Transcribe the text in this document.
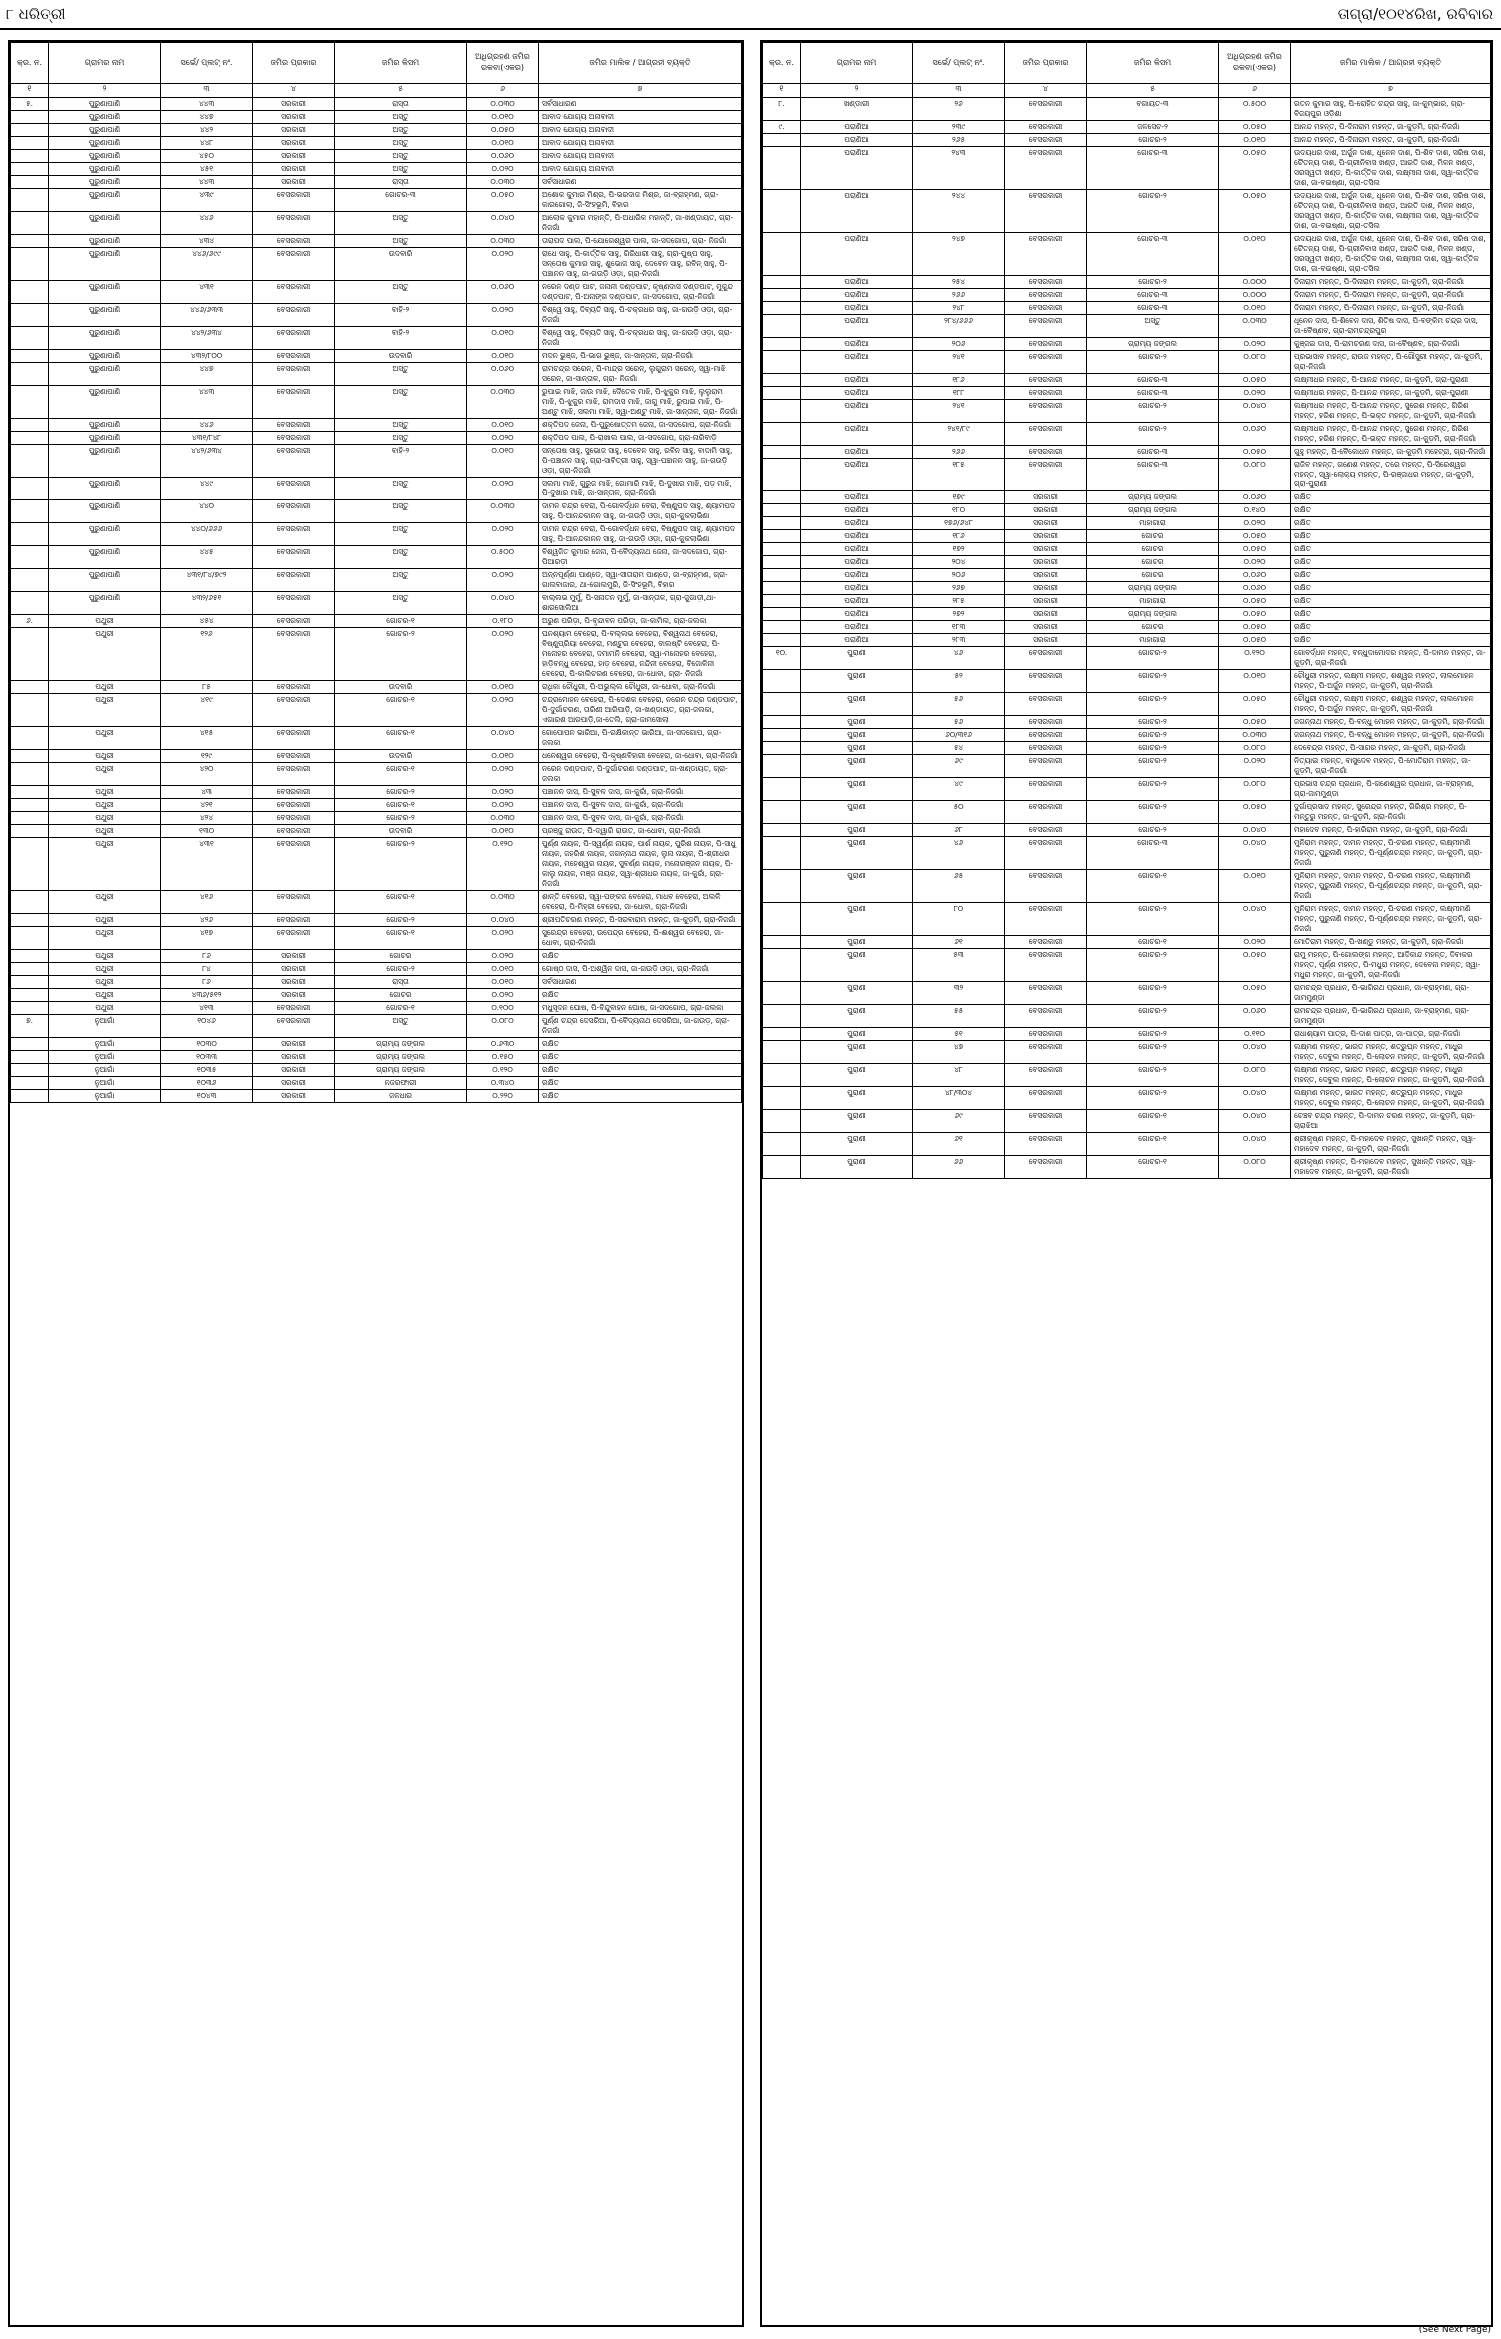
୮ ଧରିତ୍ରୀ	ତାଗ୍ରା/୧୦୧୪ରିଖ, ରବିବାର
କ୍ର. ନ.	ଗ୍ରାମର ନାମ	ସର୍ଭେ/ ପ୍ଲଟ୍ ନଂ.	ଜମିର ପ୍ରକାର	ଜମିର କିସମ	ଅଧିଗ୍ରହଣ ଜମିର ରକବା(ଏକର)	ଜମିର ମାଲିକ / ଆଗ୍ରହୀ ବ୍ୟକ୍ତି
୧	୨	୩	୪	୫	୬	୭
୫.	ପୁରୁଣାପାଣି	୪୪୩	ସରକାରୀ	ରାସ୍ତା	୦.୦୩୦	ସର୍ବସାଧାରଣ
	ପୁରୁଣାପାଣି	୪୪୭	ସରକାରୀ	ଅସ୍ତୁ	୦.୦୧୦	ଆବାଦ ଯୋଗ୍ୟ ଅନାବାଦୀ
	ପୁରୁଣାପାଣି	୪୪୨	ସରକାରୀ	ଅସ୍ତୁ	୦.୦୫୦	ଆବାଦ ଯୋଗ୍ୟ ଅନାବାଦୀ
	ପୁରୁଣାପାଣି	୪୪୮	ସରକାରୀ	ଅସ୍ତୁ	୦.୦୧୦	ଆବାଦ ଯୋଗ୍ୟ ଅନାବାଦୀ
	ପୁରୁଣାପାଣି	୪୫୦	ସରକାରୀ	ଅସ୍ତୁ	୦.୦୬୦	ଆବାଦ ଯୋଗ୍ୟ ଅନାବାଦୀ
	ପୁରୁଣାପାଣି	୪୫୧	ସରକାରୀ	ଅସ୍ତୁ	୦.୦୨୦	ଆବାଦ ଯୋଗ୍ୟ ଅନାବାଦୀ
	ପୁରୁଣାପାଣି	୪୪୩	ସରକାରୀ	ରାସ୍ତା	୦.୦୩୦	ସର୍ବସାଧାରଣ
	ପୁରୁଣାପାଣି	୪୩୯	ବେସରକାରୀ	ଗୋଚର-୩	୦.୦୫୦	ଅଶୋକ କୁମାର ମିଶ୍ର, ପି-ଭରଦାଜ ମିଶ୍ର, ଜା-ବ୍ରାହ୍ମଣ, ଗ୍ରା-କାରଗୋଲା, ଜି-ସିଂହଭୂମି, ବିହାର
	ପୁରୁଣାପାଣି	୪୪୬	ବେସରକାରୀ	ଅସ୍ତୁ	୦.୦୪୦	ଆଲୋକ କୁମାର ମହାନ୍ତି, ପି-ଅଧାରିକ ମହାନ୍ତି, ଜା-ଖଣ୍ଡାୟତ, ଗ୍ରା-ନିଜଗାଁ
	ପୁରୁଣାପାଣି	୪୩୪	ବେସରକାରୀ	ଅସ୍ତୁ	୦.୦୩୦	ତାରାପଦ ପାଲ, ପି-ଯୋଗେଶ୍ୱର ପାଲ, ଜା-ସଦଗୋପ, ଗ୍ରା- ନିଜଗାଁ
	ପୁରୁଣାପାଣି	୪୪୬/୬୯୯	ବେସରକାରୀ	ଉଦବାରି	୦.୦୨୦	ରାଧେ ସାହୁ, ପି-କାର୍ତ୍ତିକ ସାହୁ, ଗିରିଧାରୀ ସାହୁ, ଗ୍ରା-ପୁଷ୍ପ ସାହୁ, ସନ୍ତୋଷ କୁମାର ସାହୁ, ଶୁଭୋଜ ସାହୁ, ଦେବେନ ସାହୁ, ରବିନ୍ ସାହୁ, ପି-ପଞ୍ଚାନନ ସାହୁ, ଜା-ଗଉଡ଼ି ଓଡ଼ା, ଗ୍ରା-ନିଜଗାଁ
	ପୁରୁଣାପାଣି	୪୩୧	ବେସରକାରୀ	ଅସ୍ତୁ	୦.୦୬୦	ନରେନ ଦଣ୍ଡ ପାଟ, ଜନାନୀ ଦଣ୍ଡପାଟ, କୃଷ୍ଣଦାସ ଦଣ୍ଡପାଟ, ମୁକୁନ୍ଦ ଦଣ୍ଡପାଟ, ପି-ଅନାଙ୍ଗ ଦଣ୍ଡପାଟ, ଜା-ସଦଗୋପ, ଗ୍ରା-ନିଜଗାଁ
	ପୁରୁଣାପାଣି	୪୪୬/୬୩୩	ବେସରକାରୀ	ବାହି-୨	୦.୦୨୦	ବିଶ୍ୱେ ସାହୁ, ଦିବ୍ୟତି ସାହୁ, ପି-ଚକ୍ରଧର ସାହୁ, ଜା-ଗଉଡ଼ି ଓଡ଼ା, ଗ୍ରା-ନିଜଗାଁ
	ପୁରୁଣାପାଣି	୪୪୨/୬୩୪	ବେସରକାରୀ	ବାହି-୨	୦.୦୧୦	ବିଶ୍ୱେ ସାହୁ, ଦିବ୍ୟତି ସାହୁ, ପି-ଚକ୍ରଧର ସାହୁ, ଜା-ଗଉଡ଼ି ଓଡ଼ା, ଗ୍ରା-ନିଜଗାଁ
	ପୁରୁଣାପାଣି	୪୩୨/୮୦୦	ବେସରକାରୀ	ଉଦବାରି	୦.୦୧୦	ମଦନ ଭୁଞ୍ଜ, ପି-ଭାଗ ଭୁଞ୍ଜ, ଜା-ସାନ୍ତାଳ, ଗ୍ରା-ନିଜଗାଁ
	ପୁରୁଣାପାଣି	୪୪୭	ବେସରକାରୀ	ଅସ୍ତୁ	୦.୦୬୦	ରାମଚନ୍ଦ୍ର ସରେନ, ପି-ମାନ୍ଦ୍ର ସରେନ୍, ଲୁଗୁରାମ ସରେନ୍, ସ୍ୱା-ମାଝି ସରେନ, ଜା-ସାନ୍ତାଳ, ଗ୍ରା- ନିଜଗାଁ
	ପୁରୁଣାପାଣି	୪୪୩	ବେସରକାରୀ	ଅସ୍ତୁ	୦.୦୩୦	ରୁପାଇ ମାଝି, ଜାଉ ମାଝି, ଦୈତେକ ମାଝି, ପି-ଝୁକୁର ମାଝି, ଲୁଲୁରାମ ମାଝି, ପି-ଝୁକୁର ମାଝି, ରାମଦାସ ମାଝି, ଜାଗୁ ମାଝି, ରୁପାଇ ମାଝି, ପି-ଅଣ୍ଟୁ ମାଝି, ସଲମା ମାଝି, ସ୍ୱା-ଅଣ୍ଟୁ ମାଝି, ଜା-ସାନ୍ତାଳ, ଗ୍ରା- ନିଜଗାଁ
	ପୁରୁଣାପାଣି	୪୪୬	ବେସରକାରୀ	ଅସ୍ତୁ	୦.୦୧୦	ଶକ୍ତିପଦ ଜେନା, ପି-ପୁରୁଷୋତ୍ତମ ଜେନା, ଜା-ସଦଗୋପ, ଗ୍ରା-ନିଜଗାଁ
	ପୁରୁଣାପାଣି	୪୩୧/୮୪୮	ବେସରକାରୀ	ଅସ୍ତୁ	୦.୦୨୦	ଶକ୍ତିପଦ ପାଲ, ପି-ରାଖାଲ ପାଲ, ଜା-ସଦଗୋପ, ଗ୍ରା-ନାରିବାଡ଼ି
	ପୁରୁଣାପାଣି	୪୪୨/୬୩୪	ବେସରକାରୀ	ବାହି-୨	୦.୦୧୦	ସନ୍ତୋଷ ସାହୁ, ସୁଭୋଜ ସାହୁ, ଦେବେନ ସାହୁ, ରବିନ ସାହୁ, ବାଦାମି ସାହୁ, ପି-ପଞ୍ଚାନନ ସାହୁ, ଗ୍ରା-ସାବିତ୍ରୀ ସାହୁ, ସ୍ୱା-ପଞ୍ଚାନନ ସାହୁ, ଜା-ଗଉଡ଼ି ଓଡ଼ା, ଗ୍ରା-ନିଜଗାଁ
	ପୁରୁଣାପାଣି	୪୪୯	ବେସରକାରୀ	ଅସ୍ତୁ	୦.୦୨୦	ସଲମା ମାଝି, ଗୁରୁଜ ମାଝି, ଗୋମାରି ମାଝି, ପି-ଦୁଖାର ମାଝି, ପଡ଼ ମାଝି, ପି-ଦୁଖାର ମାଝି, ଜା-ସାନ୍ତାଳ, ଗ୍ରା-ନିଜଗାଁ
	ପୁରୁଣାପାଣି	୪୪୦	ବେସରକାରୀ	ଅସ୍ତୁ	୦.୦୩୦	ଦାମନ ଚନ୍ଦ୍ର ବେରା, ପି-ଗୋବର୍ଦ୍ଧନ ବେରା, ବିଷ୍ଣୁପଦ ସାହୁ, ଶ୍ୟାମପଦ ସାହୁ, ପି-ଆନନ୍ଦକାନନ ସାହୁ, ଜା-ଗଉଡ଼ି ଓଡ଼ା, ଗ୍ରା-କୁକଲାଭିଣା
	ପୁରୁଣାପାଣି	୪୪୦/୬୬୬	ବେସରକାରୀ	ଅସ୍ତୁ	୦.୦୨୦	ଦାମନ ଚନ୍ଦ୍ର ବେରା, ପି-ଗୋବର୍ଦ୍ଧନ ବେରା, ବିଷ୍ଣୁପଦ ସାହୁ, ଶ୍ୟାମପଦ ସାହୁ, ପି-ଆନନ୍ଦକାନନ ସାହୁ, ଜା-ଗଉଡ଼ି ଓଡ଼ା, ଗ୍ରା-କୁକଲାଭିଣା
	ପୁରୁଣାପାଣି	୪୪୫	ବେସରକାରୀ	ଅସ୍ତୁ	୦.୫୦୦	ବିଶ୍ୱଜିତ କୁମାର ଜେନା, ପି-ବୈଦ୍ୟନାଥ ଜେନା, ଜା-ସଦଗୋପ, ଗ୍ରା-ପିଆରଡ଼ୀ
	ପୁରୁଣାପାଣି	୪୩୧/୮୪/୭୯୨	ବେସରକାରୀ	ଅସ୍ତୁ	୦.୦୨୦	ଅନ୍ନପୂର୍ଣ୍ଣା ପାଣ୍ଡେ, ସ୍ୱା-ସୀତାରାମ ପାଣ୍ଡେ, ଜା-ବ୍ରାହ୍ମଣ, ଗ୍ରା-ଗାଲବାଜାର, ଥା-ଗୋଲମୁରି, ଜି-ସିଂହଭୂମି, ବିହାର
	ପୁରୁଣାପାଣି	୪୩୨/୬୫୧	ବେସରକାରୀ	ଅସ୍ତୁ	୦.୦୪୦	ବାଲ୍ଲଭ ମୁର୍ମୁ, ପି-ସନାତନ ମୁର୍ମୁ, ଜା-ସାନ୍ତାଳ, ଗ୍ରା-ଜୁଗାଡ଼ୀ,ଥା-ଶାରସୋଲିଆ
୬.	ପଥୁରୀ	୪୫୪	ବେସରକାରୀ	ଗୋଚର-୧	୦.୧୮୦	ଅରୁଣ ପରିଡ଼ା, ପି-ବୃନ୍ଦାବନ ପରିଡ଼ା, ଜା-କାମିଲ, ଗ୍ରା-ଜଲକା
	ପଥୁରୀ	୧୨୬	ବେସରକାରୀ	ଗୋଚର-୨	୦.୦୨୦	ଘନଶ୍ୟାମ ବେହେରା, ପି-ବଲ୍ଲଭ ବେହେରା, ବିଶ୍ୱନାଥ ବେହେରା, ବିଷ୍ଣୁପ୍ରିୟା ବେହେରା, ମଣ୍ଟୁର ବେହେରା, ବାଲଷ୍ଟି ବେହେରା, ପି-ମନୋହର ବେହେରା, ଦମାମନି ବେହେରା, ସ୍ୱା-ମନୋହର ବେହେରା, ହାଡ଼ିବନ୍ଧୁ ବେହେରା, ହାଡ଼ ବେହେରା, ନନ୍ଦିନୀ ବେହେରା, ବିଜୋଳିନୀ ବେହେରା, ପି-କାଲିଚରଣ ବେହେରା, ଜା-ଧୋବା, ଗ୍ରା- ନିଜଗାଁ
	ପଥୁରୀ	୮୫	ବେସରକାରୀ	ଉଦବାରି	୦.୦୧୦	ରାଧିକା ଚୌଧୁରୀ, ପି-ଅଭୁଲ୍ଲ ଚୌଧୁରୀ, ଜା-ଧୋବା, ଗ୍ରା-ନିଜଗାଁ
	ପଥୁରୀ	୪୧୯	ବେସରକାରୀ	ଗୋଚର-୧	୦.୦୨୦	ଚନ୍ଦ୍ରମୋହନ ବେହେରା, ପି-ଦେଶକ ବେହେରା, ନରେନ ଚନ୍ଦ୍ର ଦଣ୍ଡପାଟ, ପି-ଦୁର୍ଗାଚରଣ, ତାରିଣୀ ଆରିପାଡ଼ି, ଜା-ଖଣ୍ଡାୟତ, ଗ୍ରା-ଜଲକା, ଏଗାରଶ ଆରପାଡ଼ି,ଜା-ତେଲି, ଗ୍ରା-ଜାମସୋଲା
	ପଥୁରୀ	୪୧୫	ବେସରକାରୀ	ଗୋଚର-୧	୦.୦୪୦	ଗୋପୋପନ ଭାରିଆ, ପି-ରକ୍ଷିକାନ୍ତ ଭାରିଆ, ଜା-ସଦଗୋପ, ଗ୍ରା-ଜଲକା
	ପଥୁରୀ	୧୨୯	ବେସରକାରୀ	ଉଦବାରି	୦.୦୧୦	ଧନେଶ୍ୱର ବେହେରା, ପି-କୃଷ୍ଣବିହାରୀ ବେହେରା, ଜା-ଧୋବା, ଗ୍ରା-ନିଜଗାଁ
	ପଥୁରୀ	୪୨୦	ବେସରକାରୀ	ଗୋଚର-୧	୦.୦୨୦	ନରେନ ଦଣ୍ଡପାଟ, ପି-ଦୁର୍ଗାଚରଣ ଦଣ୍ଡପାଟ, ଜା-ଖଣ୍ଡାୟତ, ଗ୍ରା-ଜଲକା
	ପଥୁରୀ	୪୩	ବେସରକାରୀ	ଗୋଚର-୨	୦.୦୨୦	ପଞ୍ଚାନନ ଦାସ, ପି-ସୁବଳ ଦାସ, ଜା-କୁରାଁ, ଗ୍ରା-ନିଜଗାଁ
	ପଥୁରୀ	୪୨୧	ବେସରକାରୀ	ଗୋଚର-୧	୦.୦୨୦	ପଞ୍ଚାନନ ଦାସ, ପି-ସୁବଳ ଦାସ, ଜା-କୁରାଁ, ଗ୍ରା-ନିଜଗାଁ
	ପଥୁରୀ	୪୨୪	ବେସରକାରୀ	ଗୋଚର-୨	୦.୦୩୦	ପଞ୍ଚାନନ ଦାସ, ପି-ସୁବଳ ଦାସ, ଜା-କୁରାଁ, ଗ୍ରା-ନିଜଗାଁ
	ପଥୁରୀ	୧୩୦	ବେସରକାରୀ	ଉଦବାରି	୦.୦୧୦	ପ୍ରଞ୍ଜୁ ରାଉତ, ପି-ଦ୍ୱାରି ରାଉତ, ଜା-ଧୋବା, ଗ୍ରା-ନିଜଗାଁ
	ପଥୁରୀ	୪୩୧	ବେସରକାରୀ	ଗୋଚର-୨	୦.୧୨୦	ପୁର୍ଣ୍ଣ ନାୟକ, ପି-ସ୍ୱର୍ଣ୍ଣ ନାୟକ, ପାର୍ଶ ନାୟକ, ପୁରିଶ ନାୟକ, ପି-ସାଧୁ ନାୟକ, ଜହରିଶ ନାୟକ, ଜଗନ୍ନାଥ ନାୟକ, ଲୁନା ନାୟକ, ପି-ଶ୍ରୀଧର ନାୟକ, ମହେଶ୍ୱର ନାୟକ, ସୁବର୍ଣ୍ଣ ନାୟକ, ମନୋରଞ୍ଜନ ନାୟକ, ପି-କାଲୁ ନାୟକ, ମଞ୍ଜ ନାୟକ, ସ୍ୱା-ଶ୍ରୀଧର ନାୟକ, ଜା-କୁରାଁ, ଗ୍ରା-ନିଜଗାଁ
	ପଥୁରୀ	୪୧୬	ବେସରକାରୀ	ଗୋଚର-୧	୦.୦୩୦	ଶାନ୍ତି ବେହେରା, ସ୍ୱା-ପଙ୍କଜ ବେହେରା, ମାଧବ ବେହେରା, ଅଲଳି ବେହେରା, ପି-ମିହ୍ରୀ ବେହେରା, ଜା-ଧୋବା, ଗ୍ରା-ନିଜଗାଁ
	ପଥୁରୀ	୪୨୬	ବେସରକାରୀ	ଗୋଚର-୨	୦.୦୪୦	ଶ୍ରୀପତିଚରଣ ମହନ୍ତ, ପି-ସରବାରାମ ମହନ୍ତ, ଜା-କୁଡ଼ମି, ଗ୍ରା-ନିଜଗାଁ
	ପଥୁରୀ	୪୧୭	ବେସରକାରୀ	ଗୋଚର-୧	୦.୦୨୦	ସୁରେନ୍ଦ୍ର ବେହେରା, ଉପେନ୍ଦ୍ର ବେହେରା, ପି-ଈଶ୍ୱର ବେହେରା, ଜା-ଧୋବା, ଗ୍ରା-ନିଜଗାଁ
	ପଥୁରୀ	୮୬	ସରକାରୀ	ଗୋଚର	୦.୦୨୦	ରକ୍ଷିତ
	ପଥୁରୀ	୮୪	ସରକାରୀ	ଗୋଚର-୨	୦.୦୧୦	ଗୋଷ୍ଠ ଦାସ, ପି-ଅଶ୍ୱିନ ଦାସ, ଜା-ଗଉଡ଼ି ଓଡ଼ା, ଗ୍ରା-ନିଜଗାଁ
	ପଥୁରୀ	୮୬	ସରକାରୀ	ରାସ୍ତା	୦.୦୧୦	ସର୍ବସାଧାରଣ
	ପଥୁରୀ	୪୩୬/୫୧୨	ସରକାରୀ	ଗୋଚର	୦.୦୨୦	ରକ୍ଷିତ
	ପଥୁରୀ	୪୧୩	ବେସରକାରୀ	ଗୋଚର-୧	୦.୧୦୦	ମଧୁସୂଦନ ଘୋଷ, ପି-ବିନ୍ଦୁବାହନ ଘୋଷ, ଜା-ସଦଗୋପ, ଗ୍ରା-ଜଲକା
୭.	ନୁଆଗାଁ	୧୦୪୬	ବେସରକାରୀ	ଅସ୍ତୁ	୦.୦୮୦	ପୁର୍ଣ୍ଣ ଚନ୍ଦ୍ର ଦେସରିଆ, ପି-ବୈଦ୍ୟନାଥ ଦେସରିଆ, ଜା-ଗଉଡ଼, ଗ୍ରା-ନିଜଗାଁ
	ନୁଆଗାଁ	୧୦୩୦	ସରକାରୀ	ଗ୍ରାମ୍ୟ ଜଙ୍ଗଲ	୦.୬୩୦	ରକ୍ଷିତ
	ନୁଆଗାଁ	୧୦୩୩	ସରକାରୀ	ଗ୍ରାମ୍ୟ ଜଙ୍ଗଲ	୦.୧୫୦	ରକ୍ଷିତ
	ନୁଆଗାଁ	୧୦୩୫	ସରକାରୀ	ଗ୍ରାମ୍ୟ ଜଙ୍ଗଲ	୦.୧୨୦	ରକ୍ଷିତ
	ନୁଆଗାଁ	୧୦୩୬	ସରକାରୀ	ନଜରଫାରୀ	୦.୩୪୦	ରକ୍ଷିତ
	ନୁଆଗାଁ	୧୦୪୩	ସରକାରୀ	ଜଳଧାର	୦.୨୨୦	ରକ୍ଷିତ
କ୍ର. ନ.	ଗ୍ରାମର ନାମ	ସର୍ଭେ/ ପ୍ଲଟ୍ ନଂ.	ଜମିର ପ୍ରକାର	ଜମିର କିସମ	ଅଧିଗ୍ରହଣ ଜମିର ରକବା(ଏକର)	ଜମିର ମାଲିକ / ଆଗ୍ରହୀ ବ୍ୟକ୍ତି
୧	୨	୩	୪	୫	୬	୭
୮.	ଖଣ୍ଡାରୀ	୨୬	ବେସରକାରୀ	ବଗାୟତ-୩	୦.୫୦୦	ରତନ କୁମାର ସାହୁ, ପି-ରୋହିତ ଚନ୍ଦ୍ର ସାହୁ, ଜା-କୁମ୍ଭାର, ଗ୍ରା-ବିଜୟପୁର ଓଡ଼ିଶା
୯.	ପରାଣିଆ	୨୩୯	ବେସରକାରୀ	ଜଳସେଚ-୨	୦.୦୫୦	ଆନନ୍ଦ ମହନ୍ତ, ପି-ଦିନାରାମ ମହନ୍ତ, ଜା-କୁଡ଼ମି, ଗ୍ରା-ନିଜଗାଁ
	ପରାଣିଆ	୨୬୫	ବେସରକାରୀ	ଗୋଚର-୨	୦.୦୧୦	ଆନନ୍ଦ ମହନ୍ତ, ପି-ଦିନାରାମ ମହନ୍ତ, ଜା-କୁଡ଼ମି, ଗ୍ରା-ନିଜଗାଁ
	ପରାଣିଆ	୨୪୩	ବେସରକାରୀ	ଗୋଚର-୩	୦.୦୫୦	ଉଦୟଧର ଦାଶ, ଅର୍ଜୁନ ଦାଶ, ଧୂନେନ ଦାଶ, ପି-ଶିବ ଦାଶ, ସରିଷ ଦାଶ, ଚୈତନ୍ୟ ଦାଶ, ପି-ଗ୍ରୀନିବାସ ଖଣ୍ଡ, ଆରତି ଦାଶ, ମିଳନ ଖଣ୍ଡ, ସରସ୍ୱତୀ ଖଣ୍ଡ, ପି-କାର୍ତ୍ତିକ ଦାଶ, ଲକ୍ଷ୍ମୀନା ଦାଶ, ସ୍ୱା-କାର୍ତ୍ତିକ ଦାଶ, ଜା-ବଇଷ୍ଣା, ଗ୍ରା-ତସିଲ
	ପରାଣିଆ	୨୪୪	ବେସରକାରୀ	ଗୋଚର-୨	୦.୦୫୦	ଉଦୟଧର ଦାଶ, ଅର୍ଜୁନ ଦାଶ, ଧୂନେନ ଦାଶ, ପି-ଶିବ ଦାଶ, ସରିଷ ଦାଶ, ଚୈତନ୍ୟ ଦାଶ, ପି-ଗ୍ରୀନିବାସ ଖଣ୍ଡ, ଆରତି ଦାଶ, ମିଳନ ଖଣ୍ଡ, ସରସ୍ୱତୀ ଖଣ୍ଡ, ପି-କାର୍ତ୍ତିକ ଦାଶ, ଲକ୍ଷ୍ମୀନା ଦାଶ, ସ୍ୱା-କାର୍ତ୍ତିକ ଦାଶ, ଜା-ବଇଷ୍ଣା, ଗ୍ରା-ତସିଲ
	ପରାଣିଆ	୨୪୭	ବେସରକାରୀ	ଗୋଚର-୩	୦.୦୧୦	ଉଦୟଧର ଦାଶ, ଅର୍ଜୁନ ଦାଶ, ଧୂନେନ ଦାଶ, ପି-ଶିବ ଦାଶ, ସରିଷ ଦାଶ, ଚୈତନ୍ୟ ଦାଶ, ପି-ଗ୍ରୀନିବାସ ଖଣ୍ଡ, ଆରତି ଦାଶ, ମିଳନ ଖଣ୍ଡ, ସରସ୍ୱତୀ ଖଣ୍ଡ, ପି-କାର୍ତ୍ତିକ ଦାଶ, ଲକ୍ଷ୍ମୀନା ଦାଶ, ସ୍ୱା-କାର୍ତ୍ତିକ ଦାଶ, ଜା-ବଇଷ୍ଣା, ଗ୍ରା-ତସିଲ
	ପରାଣିଆ	୨୫୪	ବେସରକାରୀ	ଗୋଚର-୨	୦.୦୦୦	ଦିନାରାମ ମହନ୍ତ, ପି-ଦିନାରାମ ମହନ୍ତ, ଜା-କୁଡ଼ମି, ଗ୍ରା-ନିଜଗାଁ
	ପରାଣିଆ	୨୬୬	ବେସରକାରୀ	ଗୋଚର-୩	୦.୦୦୦	ଦିନାରାମ ମହନ୍ତ, ପି-ଦିନାରାମ ମହନ୍ତ, ଜା-କୁଡ଼ମି, ଗ୍ରା-ନିଜଗାଁ
	ପରାଣିଆ	୨୪୮	ବେସରକାରୀ	ଗୋଚର-୩	୦.୦୧୦	ଦିନାରାମ ମହନ୍ତ, ପି-ଦିନାରାମ ମହନ୍ତ, ଜା-କୁଡ଼ମି, ଗ୍ରା-ନିଜଗାଁ
	ପରାଣିଆ	୨୮୪/୬୬୬	ବେସରକାରୀ	ଅସ୍ତୁ	୦.୦୩୦	ଧୂନେନ ଦାସ, ପି-ଶିବେନ ଦାସ, ଶିତିଷ ଦାସ, ପି-ବଙ୍କିମ ଚନ୍ଦ୍ର ଦାସ, ଜା-ବୈଷ୍ଣବ, ଗ୍ରା-ରାମଚନ୍ଦ୍ରପୁର
	ପରାଣିଆ	୨୦୬	ବେସରକାରୀ	ଗ୍ରାମ୍ୟ ଜଙ୍ଗଲ	୦.୦୨୦	କୁଞ୍ଜଇ ଦାସ, ପି-ରାମଚରଣ ଦାସ, ଜା-ବୈଷ୍ଣବ, ଗ୍ରା-ନିଜଗାଁ
	ପରାଣିଆ	୨୪୧	ବେସରକାରୀ	ଗୋଚର-୨	୦.୦୮୦	ପ୍ରଭାସାବ ମହନ୍ତ, ରାଉଜ ମହନ୍ତ, ପି-ଗୌସୁରୀ ମହନ୍ତ, ଜା-କୁଡ଼ମି, ଗ୍ରା-ନିଜଗାଁ
	ପରାଣିଆ	୧୮୬	ବେସରକାରୀ	ଗୋଚର-୩	୦.୦୫୦	ଲକ୍ଷ୍ମୀଧର ମହନ୍ତ, ପି-ଆନନ୍ଦ ମହନ୍ତ, ଜା-କୁଡ଼ମି, ଗ୍ରା-ପୁରାଣୀ
	ପରାଣିଆ	୧୮୮	ବେସରକାରୀ	ଗୋଚର-୩	୦.୦୨୦	ଲକ୍ଷ୍ମୀଧର ମହନ୍ତ, ପି-ଆନନ୍ଦ ମହନ୍ତ, ଜା-କୁଡ଼ମି, ଗ୍ରା-ପୁରାଣୀ
	ପରାଣିଆ	୨୪୧	ବେସରକାରୀ	ଗୋଚର-୨	୦.୦୪୦	ଲକ୍ଷ୍ମୀଧର ମହନ୍ତ, ପି-ଆନନ୍ଦ ମହନ୍ତ, ସୁରେଶ ମହନ୍ତ, ଗିରିଶ ମହନ୍ତ, ହରିଶ ମହନ୍ତ, ପି-ଭକ୍ତ ମହନ୍ତ, ଜା-କୁଡ଼ମି, ଗ୍ରା-ନିଜଗାଁ
	ପରାଣିଆ	୨୪୧/୮୯	ବେସରକାରୀ	ଗୋଚର-୨	୦.୦୬୦	ଲକ୍ଷ୍ମୀଧର ମହନ୍ତ, ପି-ଆନନ୍ଦ ମହନ୍ତ, ସୁରେଶ ମହନ୍ତ, ଗିରିଶ ମହନ୍ତ, ହରିଶ ମହନ୍ତ, ପି-ଭକ୍ତ ମହନ୍ତ, ଜା-କୁଡ଼ମି, ଗ୍ରା-ନିଜଗାଁ
	ପରାଣିଆ	୨୬୬	ବେସରକାରୀ	ଗୋଚର-୩	୦.୦୫୦	ଗୁହୁ ମହନ୍ତ, ପି-ବୈକୋଧନ ମହନ୍ତ, ଜା-କୁଡ଼ମି ମହେଟ୍ରା, ଗ୍ରା-ନିଜଗାଁ
	ପରାଣିଆ	୧୮୫	ବେସରକାରୀ	ଗୋଚର-୩	୦.୦୮୦	ରାଜିବ ମହନ୍ତ, ଗଣେଶ ମହନ୍ତ, ତରେ ମହନ୍ତ, ପି-ସିରେଶ୍ୱର ମହନ୍ତ, ସ୍ୱା-ଲୋକ୍ୟ ମହନ୍ତ, ପି-ରଞ୍ଜାଧର ମହନ୍ତ, ଜା-କୁଡ଼ମି, ଗ୍ରା-ପୁରାଣୀ
	ପରାଣିଆ	୧୭୯	ସରକାରୀ	ଗ୍ରାମ୍ୟ ଜଙ୍ଗଲ	୦.୦୬୦	ରକ୍ଷିତ
	ପରାଣିଆ	୧୮୦	ସରକାରୀ	ଗ୍ରାମ୍ୟ ଜଙ୍ଗଲ	୦.୧୪୦	ରକ୍ଷିତ
	ପରାଣିଆ	୧୭୬/୬୪୮	ସରକାରୀ	ମାହାଗାରା	୦.୦୨୦	ରକ୍ଷିତ
	ପରାଣିଆ	୧୮୬	ସରକାରୀ	ଗୋଚର	୦.୦୫୦	ରକ୍ଷିତ
	ପରାଣିଆ	୧୭୨	ସରକାରୀ	ଗୋଚର	୦.୦୫୦	ରକ୍ଷିତ
	ପରାଣିଆ	୨୦୪	ସରକାରୀ	ଗୋଚର	୦.୦୨୦	ରକ୍ଷିତ
	ପରାଣିଆ	୨୦୬	ସରକାରୀ	ଗୋଚର	୦.୦୬୦	ରକ୍ଷିତ
	ପରାଣିଆ	୨୬୭	ସରକାରୀ	ଗ୍ରାମ୍ୟ ଜଙ୍ଗଲ	୦.୦୬୦	ରକ୍ଷିତ
	ପରାଣିଆ	୨୮୫	ସରକାରୀ	ମାହାଗାରା	୦.୦୫୦	ରକ୍ଷିତ
	ପରାଣିଆ	୨୭୨	ସରକାରୀ	ଗ୍ରାମ୍ୟ ଜଙ୍ଗଲ	୦.୦୫୦	ରକ୍ଷିତ
	ପରାଣିଆ	୧୮୩	ସରକାରୀ	ଗୋଚର	୦.୦୫୦	ରକ୍ଷିତ
	ପରାଣିଆ	୨୮୩	ସରକାରୀ	ମାହାଗାରା	୦.୦୫୦	ରକ୍ଷିତ
୧୦.	ପୁରାଣୀ	୪୬	ବେସରକାରୀ	ଗୋଚର-୨	୦.୧୨୦	ଗୋବର୍ଦ୍ଧନ ମହନ୍ତ, ବନ୍ଧୁଦାମୋଦର ମହନ୍ତ, ପି-ଦାମନ ମହନ୍ତ, ଜା-କୁଡ଼ମି, ଗ୍ରା-ନିଜଗାଁ
	ପୁରାଣୀ	୫୨	ବେସରକାରୀ	ଗୋଚର-୨	୦.୦୧୦	ଚୌଧୁରୀ ମହନ୍ତ, ଲକ୍ଷ୍ମୀ ମହନ୍ତ, ଶଶ୍ୱର ମହନ୍ତ, ଲାଲମୋହନ ମହନ୍ତ, ପି-ଅର୍ଜୁନ ମହନ୍ତ, ଜା-କୁଡ଼ମି, ଗ୍ରା-ନିଜଗାଁ
	ପୁରାଣୀ	୫୬	ବେସରକାରୀ	ଗୋଚର-୨	୦.୦୫୦	ଚୌଧୁରୀ ମହନ୍ତ, ଲକ୍ଷ୍ମୀ ମହନ୍ତ, ଶଶ୍ୱର ମହନ୍ତ, ଲାଲମୋହନ ମହନ୍ତ, ପି-ଅର୍ଜୁନ ମହନ୍ତ, ଜା-କୁଡ଼ମି, ଗ୍ରା-ନିଜଗାଁ
	ପୁରାଣୀ	୫୬	ବେସରକାରୀ	ଗୋଚର-୨	୦.୦୫୦	ଜଗନ୍ନାଥ ମହନ୍ତ, ପି-ବନ୍ଧୁ ମୋହନ ମହନ୍ତ, ଜା-କୁଡ଼ମି, ଗ୍ରା-ନିଜଗାଁ
	ପୁରାଣୀ	୬୦/୩୧୬	ବେସରକାରୀ	ଗୋଚର-୨	୦.୦୩୦	ଜଗନ୍ନାଥ ମହନ୍ତ, ପି-ବନ୍ଧୁ ମୋହନ ମହନ୍ତ, ଜା-କୁଡ଼ମି, ଗ୍ରା-ନିଜଗାଁ
	ପୁରାଣୀ	୫୪	ବେସରକାରୀ	ଗୋଚର-୨	୦.୦୮୦	ଦେବେନ୍ଦ୍ର ମହନ୍ତ, ପି-ସାଗର ମହନ୍ତ, ଜା-କୁଡ଼ମି, ଗ୍ରା-ନିଜଗାଁ
	ପୁରାଣୀ	୬୯	ବେସରକାରୀ	ଗୋଚର-୨	୦.୦୨୦	ନିତ୍ୟାଇ ମହନ୍ତ, ବାସୁଦେବ ମହନ୍ତ, ପି-ମୋତିରାମ ମହନ୍ତ, ଜା-କୁଡ଼ମି, ଗ୍ରା-ନିଜଗାଁ
	ପୁରାଣୀ	୪୯	ବେସରକାରୀ	ଗୋଚର-୨	୦.୦୮୦	ପ୍ରଭାସ ଚନ୍ଦ୍ର ପ୍ରଧାନ, ପି-ଗଣେଶ୍ୱର ପ୍ରଧାନ, ଜା-ବ୍ରାହ୍ମଣ, ଗ୍ରା-ଜାମମୁଣ୍ଡା
	ପୁରାଣୀ	୫୦	ବେସରକାରୀ	ଗୋଚର-୨	୦.୦୫୦	ଦୁର୍ଗାପ୍ରସାଦ ମହନ୍ତ, ସୁରେନ୍ଦ୍ର ମହନ୍ତ, ଗିରିଶ୍ର ମହନ୍ତ, ପି-ମନ୍ତୁରୁ ମହନ୍ତ, ଜା-କୁଡ଼ମି, ଗ୍ରା-ନିଜଗାଁ
	ପୁରାଣୀ	୬୮	ବେସରକାରୀ	ଗୋଚର-୨	୦.୦୪୦	ମହାଦେବ ମହନ୍ତ, ପି-ହାରିରାମ ମହନ୍ତ, ଜା-କୁଡ଼ମି, ଗ୍ରା-ନିଜଗାଁ
	ପୁରାଣୀ	୪୬	ବେସରକାରୀ	ଗୋଚର-୩	୦.୦୪୦	ମୁନିରାମ ମହନ୍ତ, ଦାମନ ମହନ୍ତ, ପି-ଚରଣ ମହନ୍ତ, ଲକ୍ଷ୍ମୀମଣି ମହନ୍ତ, ପୁରୁନାଣି ମହନ୍ତ, ପି-ପୂର୍ଣ୍ଣଚନ୍ଦ୍ର ମହନ୍ତ, ଜା-କୁଡ଼ମି, ଗ୍ରା-ନିଜଗାଁ
	ପୁରାଣୀ	୬୫	ବେସରକାରୀ	ଗୋଚର-୧	୦.୦୧୦	ମୁନିରାମ ମହନ୍ତ, ଦାମନ ମହନ୍ତ, ପି-ଚରଣ ମହନ୍ତ, ଲକ୍ଷ୍ମୀମଣି ମହନ୍ତ, ପୁରୁନାଣି ମହନ୍ତ, ପି-ପୂର୍ଣ୍ଣଚନ୍ଦ୍ର ମହନ୍ତ, ଜା-କୁଡ଼ମି, ଗ୍ରା-ନିଜଗାଁ
	ପୁରାଣୀ	୮୦	ବେସରକାରୀ	ଗୋଚର-୨	୦.୦୪୦	ମୁନିରାମ ମହନ୍ତ, ଦାମନ ମହନ୍ତ, ପି-ଚରଣ ମହନ୍ତ, ଲକ୍ଷ୍ମୀମଣି ମହନ୍ତ, ପୁରୁନାଣି ମହନ୍ତ, ପି-ପୂର୍ଣ୍ଣଚନ୍ଦ୍ର ମହନ୍ତ, ଜା-କୁଡ଼ମି, ଗ୍ରା-ନିଜଗାଁ
	ପୁରାଣୀ	୬୧	ବେସରକାରୀ	ଗୋଚର-୧	୦.୦୨୦	ମୋତିରାମ ମହନ୍ତ, ପି-ଖଣ୍ଡୁ ମହନ୍ତ, ଜା-କୁଡ଼ମି, ଗ୍ରା-ନିଜଗାଁ
	ପୁରାଣୀ	୫୩	ବେସରକାରୀ	ଗୋଚର-୨	୦.୦୫୦	ରାମୁ ମହନ୍ତ, ପି-ଗୋଲଙ୍ଗ ମହନ୍ତ, ଆଦିକାନ୍ଦ ମହନ୍ତ, ଦିବାକର ମହନ୍ତ, ପୂର୍ଣ୍ଣ ମହନ୍ତ, ପି-ମଧୁରା ମହନ୍ତ, ଦେବେନା ମହନ୍ତ, ସ୍ୱା-ମଧୁରା ମହନ୍ତ, ଜା-କୁଡ଼ମି, ଗ୍ରା-ନିଜଗାଁ
	ପୁରାଣୀ	୩୨	ବେସରକାରୀ	ଗୋଚର-୨	୦.୦୫୦	ରାମଚନ୍ଦ୍ର ପ୍ରଧାନ, ପି-ଭାଗିରଥ ପ୍ରଧାନ, ଜା-ବ୍ରାହ୍ମଣ, ଗ୍ରା-ଜାମମୁଣ୍ଡା
	ପୁରାଣୀ	୫୫	ବେସରକାରୀ	ଗୋଚର-୨	୦.୦୬୦	ରାମଚନ୍ଦ୍ର ପ୍ରଧାନ, ପି-ଭାଗିରଥ ପ୍ରଧାନ, ଜା-ବ୍ରାହ୍ମଣ, ଗ୍ରା-ଜାମମୁଣ୍ଡା
	ପୁରାଣୀ	୫୧	ବେସରକାରୀ	ଗୋଚର-୨	୦.୧୧୦	ରାଧାଶ୍ୟାମ ପାତ୍ର, ପି-ଦାଶ ପାତ୍ର, ଜା-ପାତ୍ର, ଗ୍ରା-ନିଜଗାଁ
	ପୁରାଣୀ	୪୭	ବେସରକାରୀ	ଗୋଚର-୨	୦.୦୪୦	ଲକ୍ଷ୍ମଣ ମହନ୍ତ, ଭାରତ ମହନ୍ତ, ଶତ୍ରୁଘ୍ନ ମହନ୍ତ, ମାଧୁର ମହନ୍ତ, ଦେବୁଲ ମହନ୍ତ, ପି-ଲୋଚନ ମହନ୍ତ, ଜା-କୁଡ଼ମି, ଗ୍ରା-ନିଜଗାଁ
	ପୁରାଣୀ	୪୮	ବେସରକାରୀ	ଗୋଚର-୨	୦.୦୮୦	ଲକ୍ଷ୍ମଣ ମହନ୍ତ, ଭାରତ ମହନ୍ତ, ଶତ୍ରୁଘ୍ନ ମହନ୍ତ, ମାଧୁର ମହନ୍ତ, ଦେବୁଲ ମହନ୍ତ, ପି-ଲୋଚନ ମହନ୍ତ, ଜା-କୁଡ଼ମି, ଗ୍ରା-ନିଜଗାଁ
	ପୁରାଣୀ	୪୮/୩୦୪	ବେସରକାରୀ	ଗୋଚର-୨	୦.୦୪୦	ଲକ୍ଷ୍ମଣ ମହନ୍ତ, ଭାରତ ମହନ୍ତ, ଶତ୍ରୁଘ୍ନ ମହନ୍ତ, ମାଧୁର ମହନ୍ତ, ଦେବୁଲ ମହନ୍ତ, ପି-ଲୋଚନ ମହନ୍ତ, ଜା-କୁଡ଼ମି, ଗ୍ରା-ନିଜଗାଁ
	ପୁରାଣୀ	୬୯	ବେସରକାରୀ	ଗୋଚର-୧	୦.୦୪୦	ଚେଞ୍ଚବ ଚନ୍ଦ୍ର ମହନ୍ତ, ପି-ଦାମନ ଚରଣ ମହନ୍ତ, ଜା-କୁଡ଼ମି, ଗ୍ରା-ଚାରାଝିଆ
	ପୁରାଣୀ	୬୧	ବେସରକାରୀ	ଗୋଚର-୧	୦.୦୪୦	ଶ୍ରୀକୃଷ୍ଣ ମହନ୍ତ, ପି-ମହାଦେବ ମହନ୍ତ, ସୁଖାନ୍ତି ମହନ୍ତ, ସ୍ୱା-ମହାଦେବ ମହନ୍ତ, ଜା-କୁଡ଼ମି, ଗ୍ରା-ନିଜଗାଁ
	ପୁରାଣୀ	୬୬	ବେସରକାରୀ	ଗୋଚର-୧	୦.୦୮୦	ଶ୍ରୀକୃଷ୍ଣ ମହନ୍ତ, ପି-ମହାଦେବ ମହନ୍ତ, ସୁଖାନ୍ତି ମହନ୍ତ, ସ୍ୱା-ମହାଦେବ ମହନ୍ତ, ଜା-କୁଡ଼ମି, ଗ୍ରା-ନିଜଗାଁ
(See Next Page)
